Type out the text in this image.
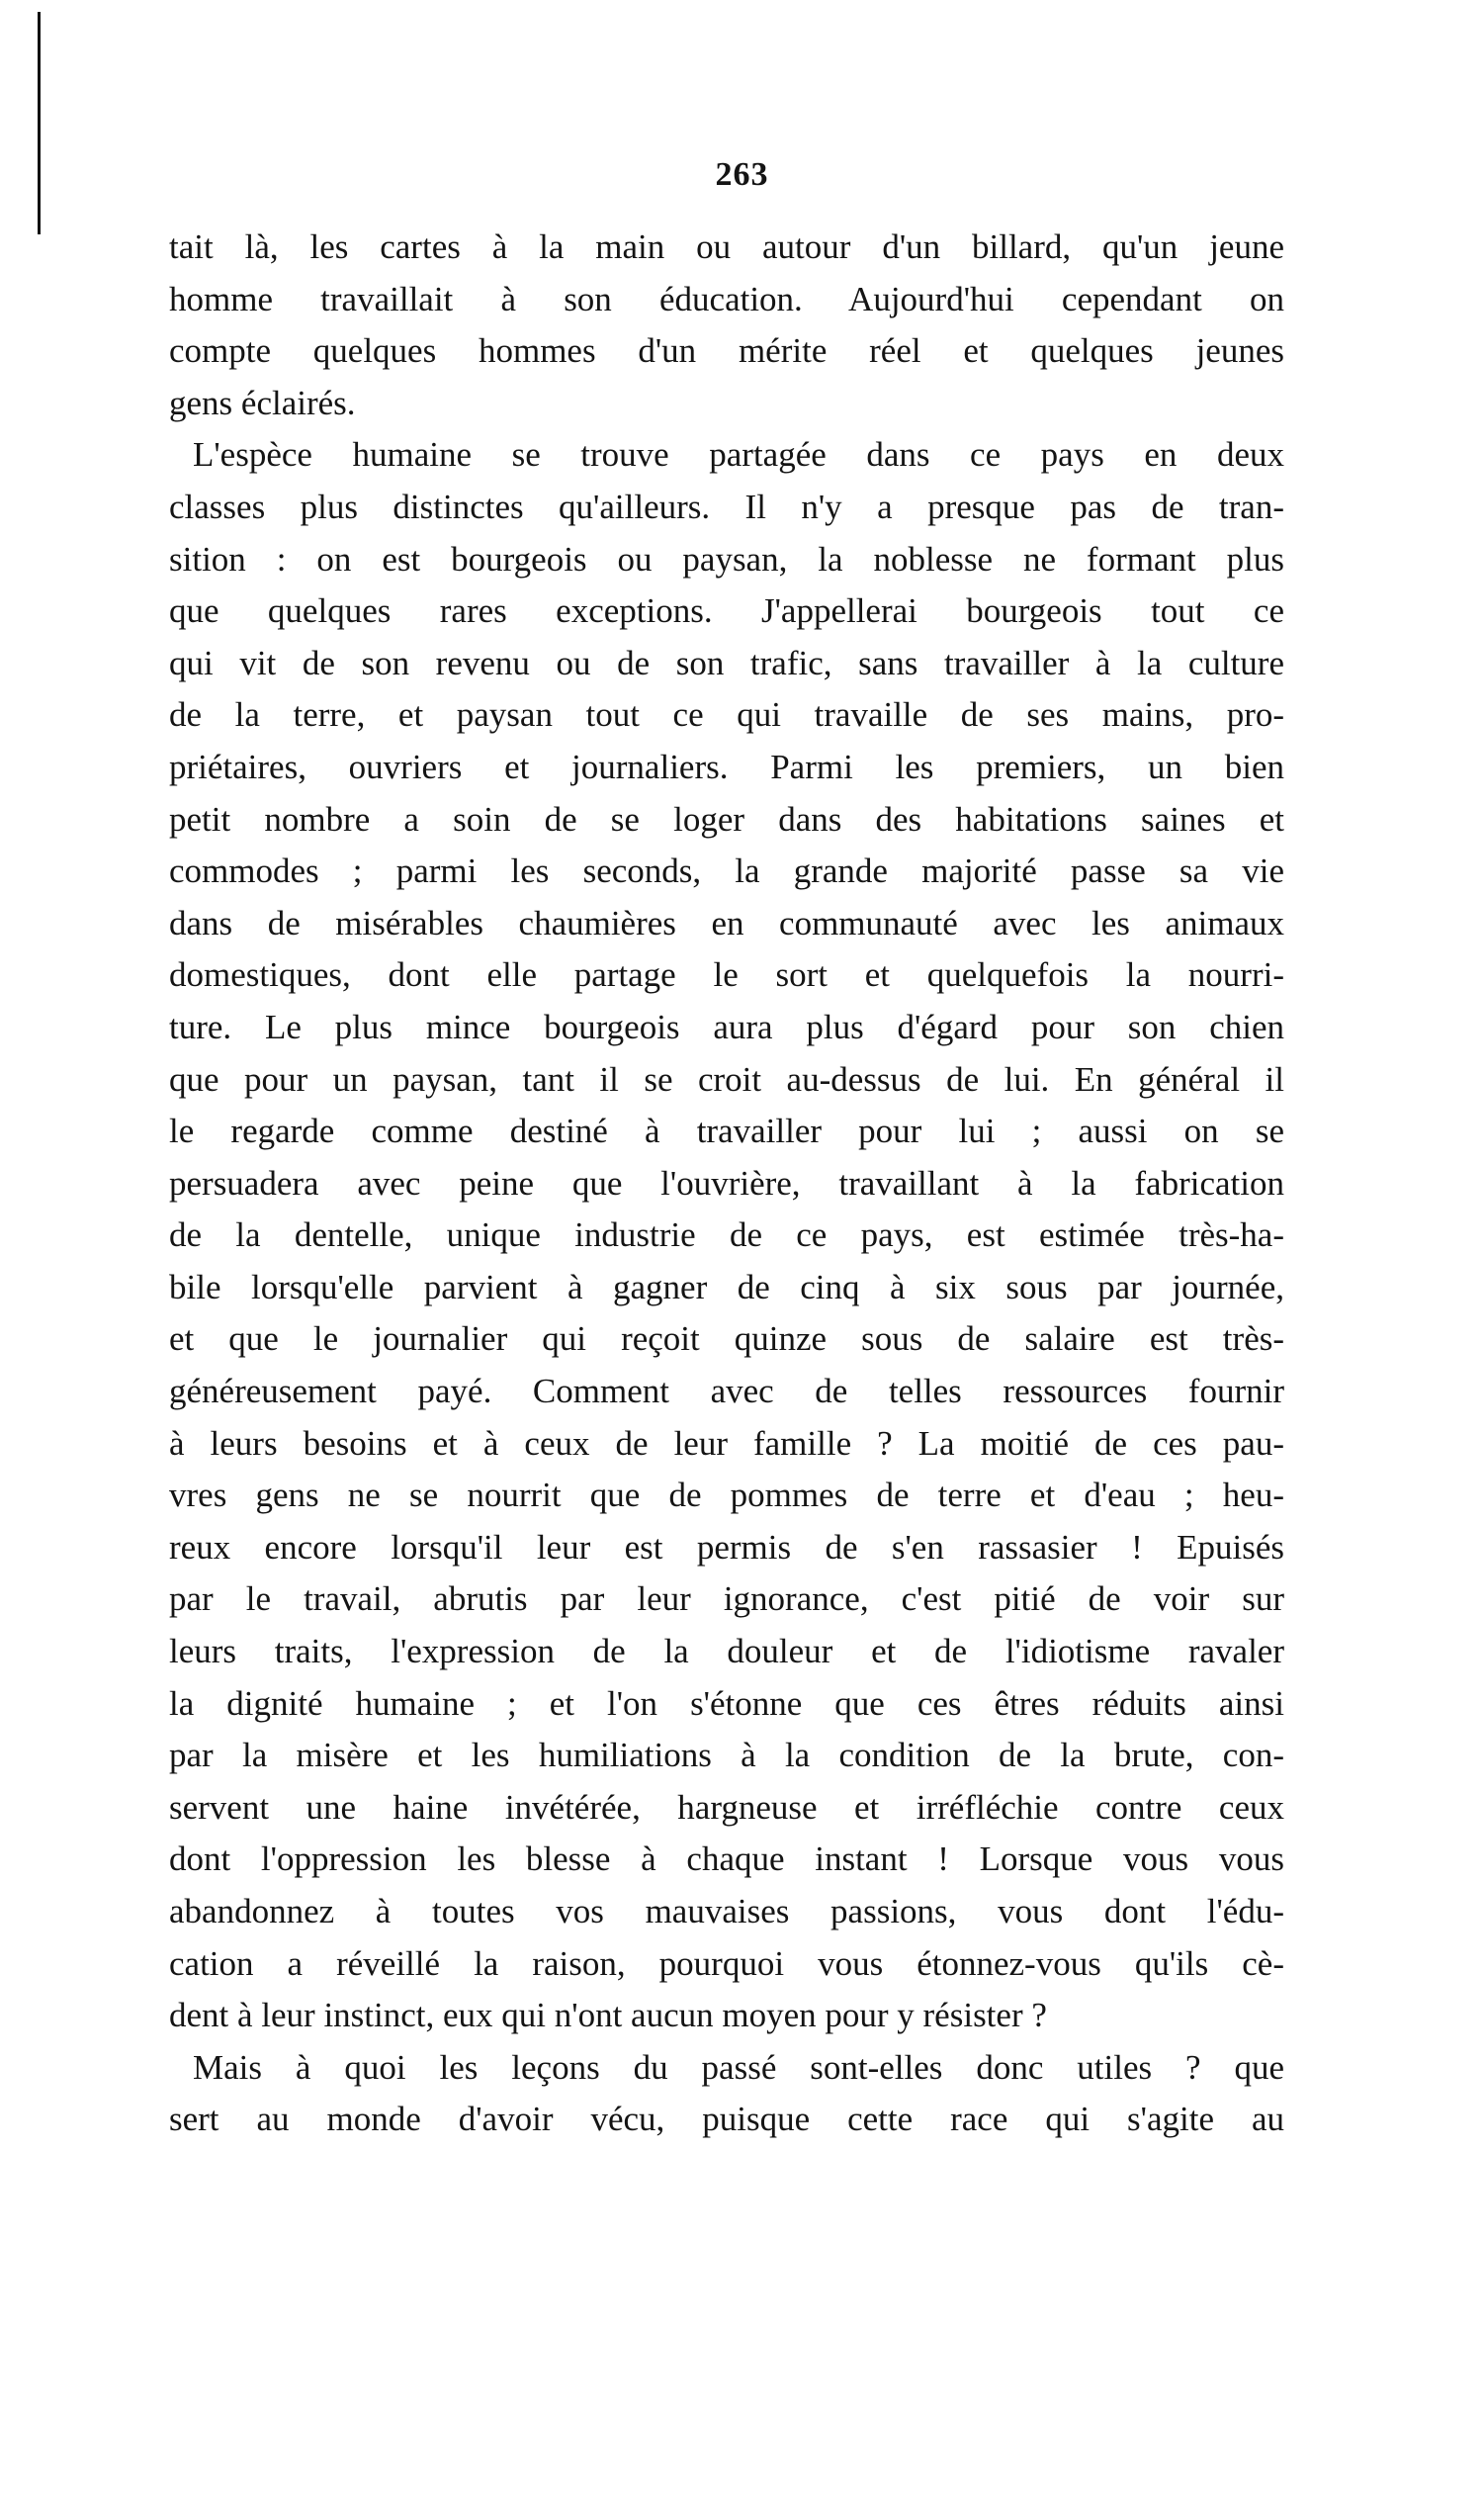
263
tait là, les cartes à la main ou autour d'un billard, qu'un jeune
homme travaillait à son éducation. Aujourd'hui cependant on
compte quelques hommes d'un mérite réel et quelques jeunes
gens éclairés.
L'espèce humaine se trouve partagée dans ce pays en deux
classes plus distinctes qu'ailleurs. Il n'y a presque pas de tran-
sition : on est bourgeois ou paysan, la noblesse ne formant plus
que quelques rares exceptions. J'appellerai bourgeois tout ce
qui vit de son revenu ou de son trafic, sans travailler à la culture
de la terre, et paysan tout ce qui travaille de ses mains, pro-
priétaires, ouvriers et journaliers. Parmi les premiers, un bien
petit nombre a soin de se loger dans des habitations saines et
commodes ; parmi les seconds, la grande majorité passe sa vie
dans de misérables chaumières en communauté avec les animaux
domestiques, dont elle partage le sort et quelquefois la nourri-
ture. Le plus mince bourgeois aura plus d'égard pour son chien
que pour un paysan, tant il se croit au-dessus de lui. En général il
le regarde comme destiné à travailler pour lui ; aussi on se
persuadera avec peine que l'ouvrière, travaillant à la fabrication
de la dentelle, unique industrie de ce pays, est estimée très-ha-
bile lorsqu'elle parvient à gagner de cinq à six sous par journée,
et que le journalier qui reçoit quinze sous de salaire est très-
généreusement payé. Comment avec de telles ressources fournir
à leurs besoins et à ceux de leur famille ? La moitié de ces pau-
vres gens ne se nourrit que de pommes de terre et d'eau ; heu-
reux encore lorsqu'il leur est permis de s'en rassasier ! Epuisés
par le travail, abrutis par leur ignorance, c'est pitié de voir sur
leurs traits, l'expression de la douleur et de l'idiotisme ravaler
la dignité humaine ; et l'on s'étonne que ces êtres réduits ainsi
par la misère et les humiliations à la condition de la brute, con-
servent une haine invétérée, hargneuse et irréfléchie contre ceux
dont l'oppression les blesse à chaque instant ! Lorsque vous vous
abandonnez à toutes vos mauvaises passions, vous dont l'édu-
cation a réveillé la raison, pourquoi vous étonnez-vous qu'ils cè-
dent à leur instinct, eux qui n'ont aucun moyen pour y résister ?
Mais à quoi les leçons du passé sont-elles donc utiles ? que
sert au monde d'avoir vécu, puisque cette race qui s'agite au
